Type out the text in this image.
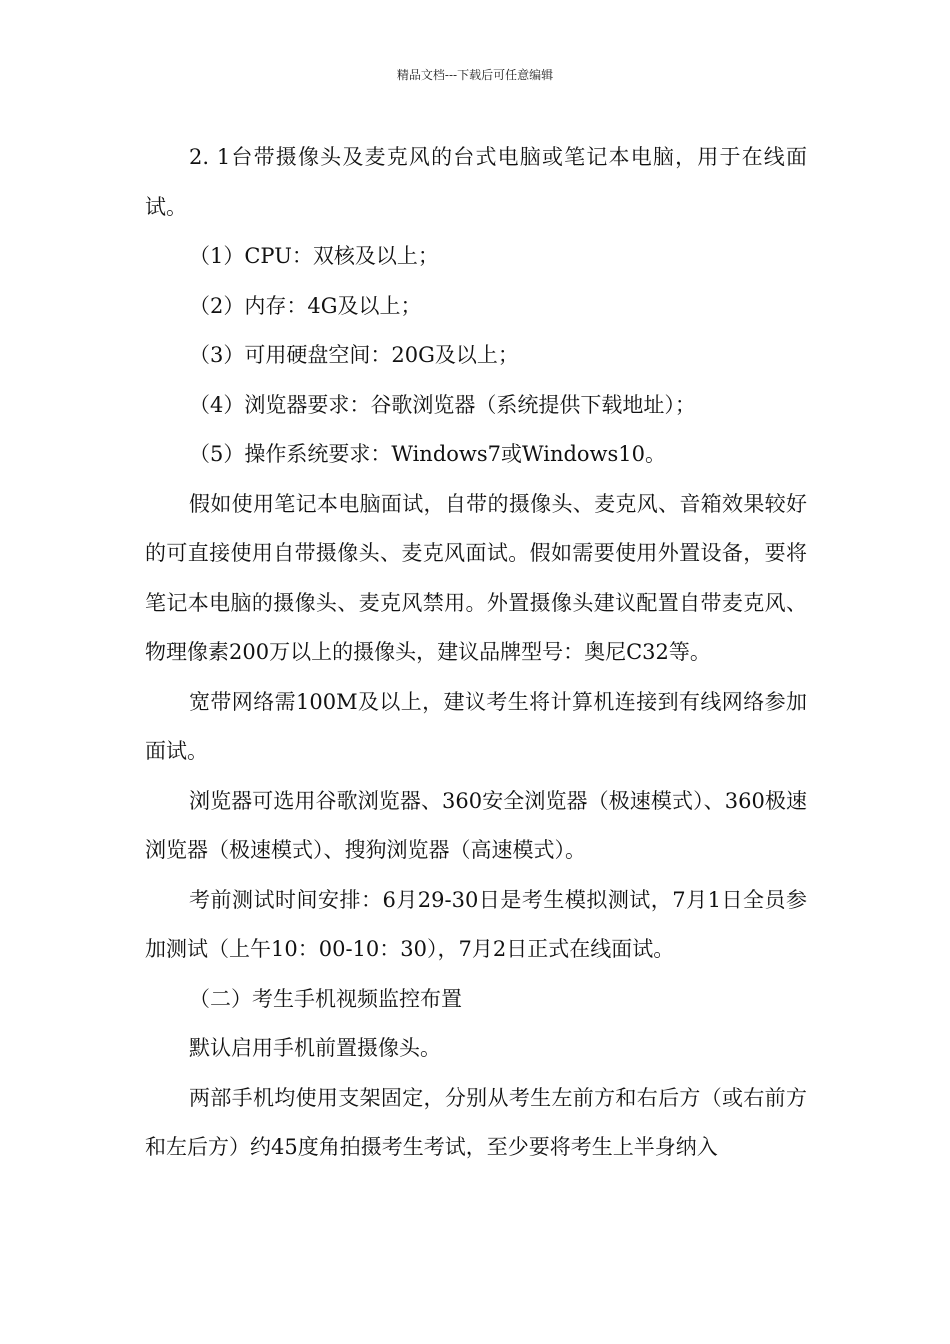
精品文档---下载后可任意编辑

2. 1台带摄像头及麦克风的台式电脑或笔记本电脑，用于在线面试。

（1）CPU：双核及以上；

（2）内存：4G及以上；

（3）可用硬盘空间：20G及以上；

（4）浏览器要求：谷歌浏览器（系统提供下载地址）；

（5）操作系统要求：Windows7或Windows10。

假如使用笔记本电脑面试，自带的摄像头、麦克风、音箱效果较好的可直接使用自带摄像头、麦克风面试。假如需要使用外置设备，要将笔记本电脑的摄像头、麦克风禁用。外置摄像头建议配置自带麦克风、物理像素200万以上的摄像头，建议品牌型号：奥尼C32等。

宽带网络需100M及以上，建议考生将计算机连接到有线网络参加面试。

浏览器可选用谷歌浏览器、360安全浏览器（极速模式）、360极速浏览器（极速模式）、搜狗浏览器（高速模式）。

考前测试时间安排：6月29-30日是考生模拟测试，7月1日全员参加测试（上午10：00-10：30），7月2日正式在线面试。

（二）考生手机视频监控布置

默认启用手机前置摄像头。

两部手机均使用支架固定，分别从考生左前方和右后方（或右前方和左后方）约45度角拍摄考生考试，至少要将考生上半身纳入
